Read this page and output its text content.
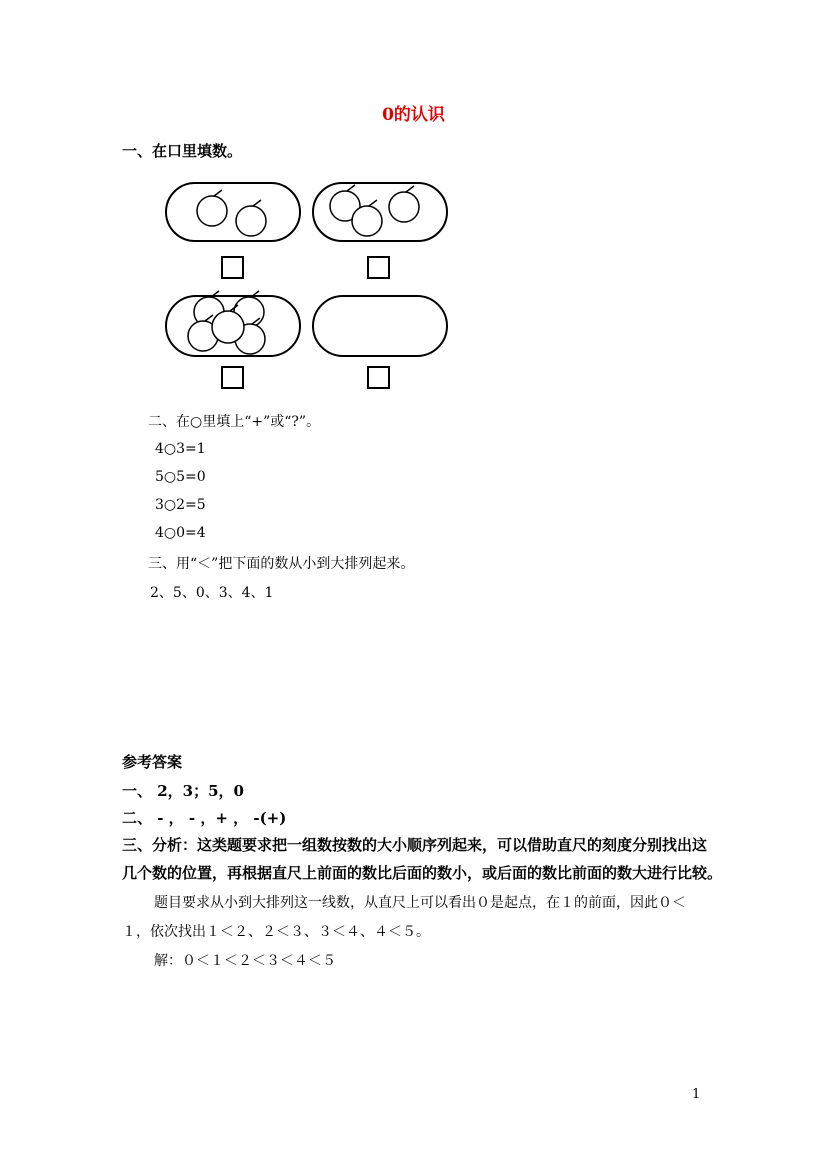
0的认识
一、在口里填数。
二、在○里填上“+”或“?”。
4○3=1
5○5=0
3○2=5
4○0=4
三、用“＜”把下面的数从小到大排列起来。
2、5、0、3、4、1
参考答案
一、 2，3；5，0
二、 - ， - ，+ ， -(+)
三、分析：这类题要求把一组数按数的大小顺序列起来，可以借助直尺的刻度分别找出这
几个数的位置，再根据直尺上前面的数比后面的数小，或后面的数比前面的数大进行比较。
题目要求从小到大排列这一线数，从直尺上可以看出０是起点，在１的前面，因此０＜
１，依次找出１＜２、２＜３、３＜４、４＜５。
解：０＜１＜２＜３＜４＜５
1
